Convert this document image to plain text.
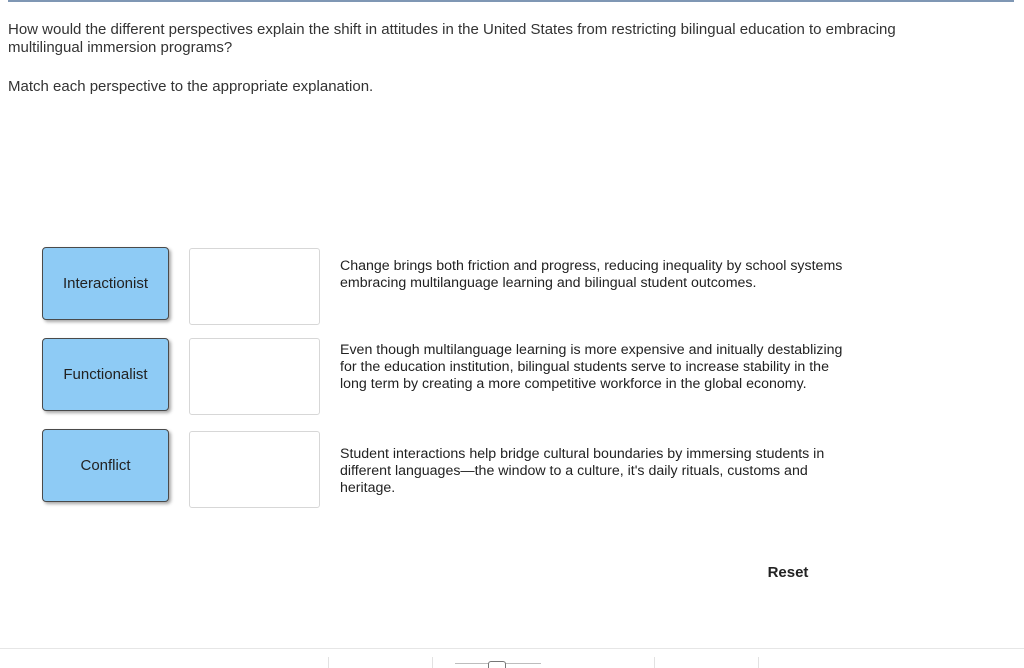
How would the different perspectives explain the shift in attitudes in the United States from restricting bilingual education to embracing multilingual immersion programs?
Match each perspective to the appropriate explanation.
Interactionist
Functionalist
Conflict
Change brings both friction and progress, reducing inequality by school systems embracing multilanguage learning and bilingual student outcomes.
Even though multilanguage learning is more expensive and initually destablizing for the education institution, bilingual students serve to increase stability in the long term by creating a more competitive workforce in the global economy.
Student interactions help bridge cultural boundaries by immersing students in different languages—the window to a culture, it's daily rituals, customs and heritage.
Reset
